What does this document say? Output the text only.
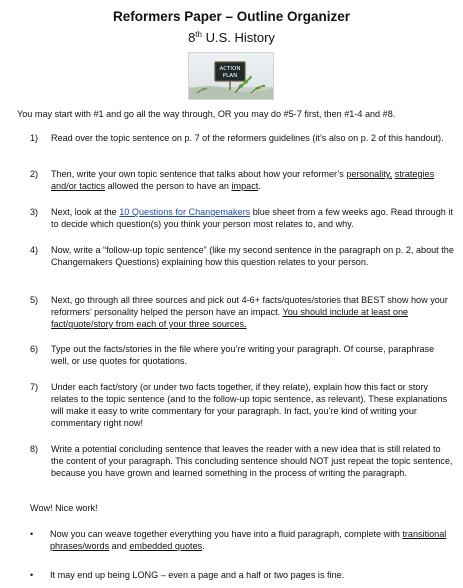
Reformers Paper – Outline Organizer
8th U.S. History
ACTION
PLAN
You may start with #1 and go all the way through, OR you may do #5-7 first, then #1-4 and #8.
1)	Read over the topic sentence on p. 7 of the reformers guidelines (it’s also on p. 2 of this handout).
2)	Then, write your own topic sentence that talks about how your reformer’s personality, strategies and/or tactics allowed the person to have an impact.
3)	Next, look at the 10 Questions for Changemakers blue sheet from a few weeks ago. Read through it to decide which question(s) you think your person most relates to, and why.
4)	Now, write a “follow-up topic sentence” (like my second sentence in the paragraph on p. 2, about the Changemakers Questions) explaining how this question relates to your person.
5)	Next, go through all three sources and pick out 4-6+ facts/quotes/stories that BEST show how your reformers’ personality helped the person have an impact. You should include at least one fact/quote/story from each of your three sources.
6)	Type out the facts/stories in the file where you’re writing your paragraph. Of course, paraphrase well, or use quotes for quotations.
7)	Under each fact/story (or under two facts together, if they relate), explain how this fact or story relates to the topic sentence (and to the follow-up topic sentence, as relevant). These explanations will make it easy to write commentary for your paragraph. In fact, you’re kind of writing your commentary right now!
8)	Write a potential concluding sentence that leaves the reader with a new idea that is still related to the content of your paragraph. This concluding sentence should NOT just repeat the topic sentence, because you have grown and learned something in the process of writing the paragraph.
Wow! Nice work!
• Now you can weave together everything you have into a fluid paragraph, complete with transitional phrases/words and embedded quotes.
• It may end up being LONG – even a page and a half or two pages is fine.
